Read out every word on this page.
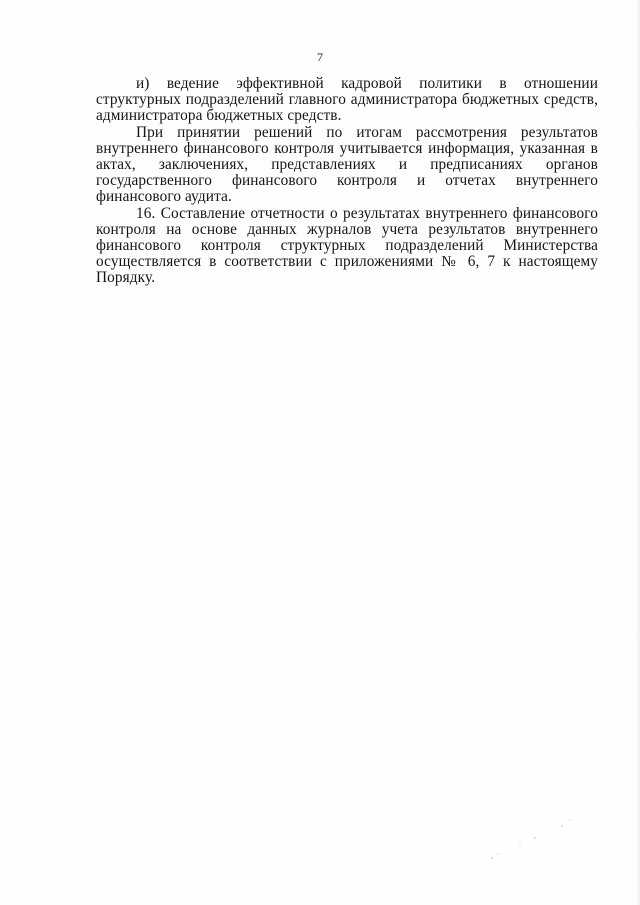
7

и) ведение эффективной кадровой политики в отношении структурных подразделений главного администратора бюджетных средств, администратора бюджетных средств.

При принятии решений по итогам рассмотрения результатов внутреннего финансового контроля учитывается информация, указанная в актах, заключениях, представлениях и предписаниях органов государственного финансового контроля и отчетах внутреннего финансового аудита.

16. Составление отчетности о результатах внутреннего финансового контроля на основе данных журналов учета результатов внутреннего финансового контроля структурных подразделений Министерства осуществляется в соответствии с приложениями № 6, 7 к настоящему Порядку.
